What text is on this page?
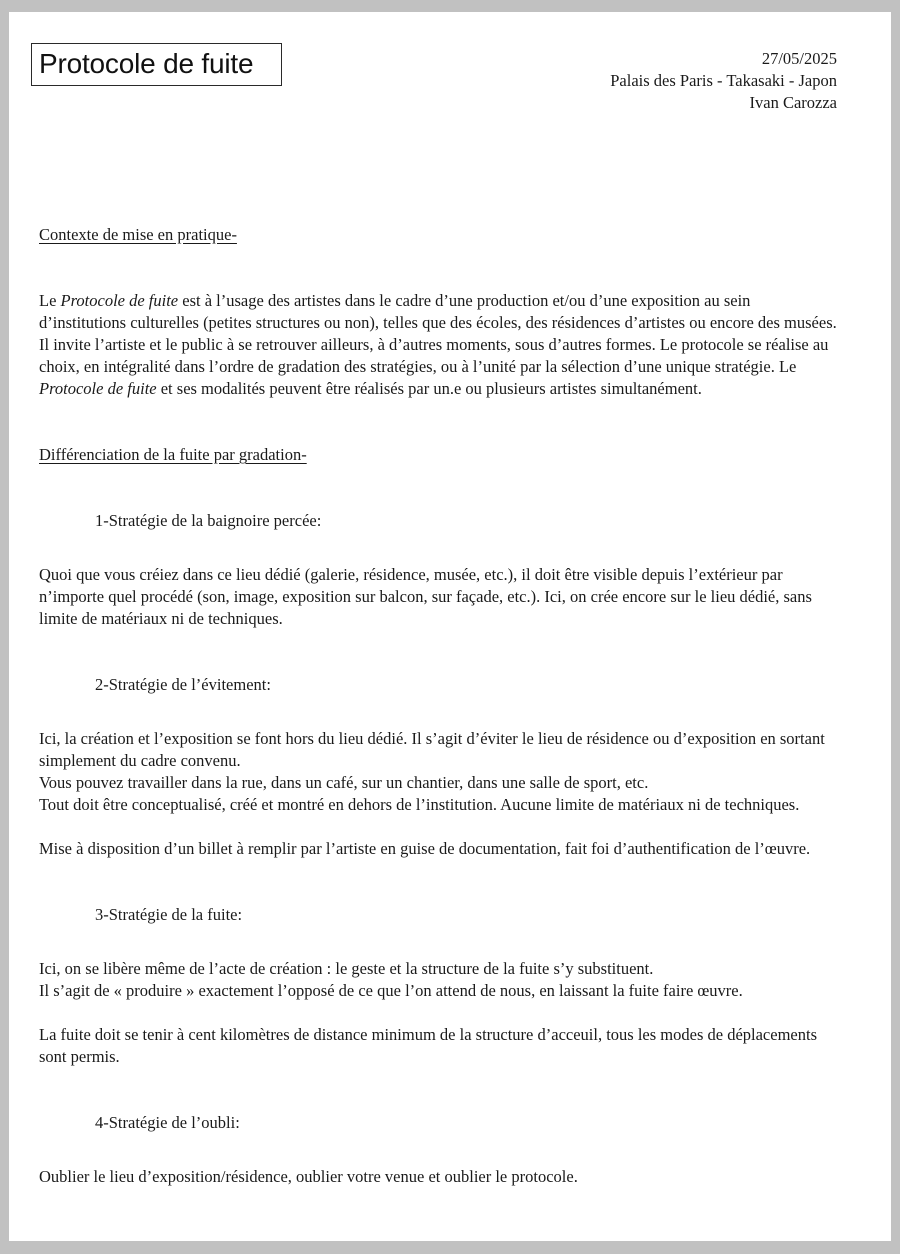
Protocole de fuite	27/05/2025
Palais des Paris - Takasaki - Japon
Ivan Carozza

Contexte de mise en pratique-

Le Protocole de fuite est à l’usage des artistes dans le cadre d’une production et/ou d’une exposition au sein d’institutions culturelles (petites structures ou non), telles que des écoles, des résidences d’artistes ou encore des musées. Il invite l’artiste et le public à se retrouver ailleurs, à d’autres moments, sous d’autres formes. Le protocole se réalise au choix, en intégralité dans l’ordre de gradation des stratégies, ou à l’unité par la sélection d’une unique stratégie. Le Protocole de fuite et ses modalités peuvent être réalisés par un.e ou plusieurs artistes simultanément.

Différenciation de la fuite par gradation-

1-Stratégie de la baignoire percée:

Quoi que vous créiez dans ce lieu dédié (galerie, résidence, musée, etc.), il doit être visible depuis l’extérieur par n’importe quel procédé (son, image, exposition sur balcon, sur façade, etc.). Ici, on crée encore sur le lieu dédié, sans limite de matériaux ni de techniques.

2-Stratégie de l’évitement:

Ici, la création et l’exposition se font hors du lieu dédié. Il s’agit d’éviter le lieu de résidence ou d’exposition en sortant simplement du cadre convenu.

Vous pouvez travailler dans la rue, dans un café, sur un chantier, dans une salle de sport, etc.

Tout doit être conceptualisé, créé et montré en dehors de l’institution. Aucune limite de matériaux ni de techniques.

Mise à disposition d’un billet à remplir par l’artiste en guise de documentation, fait foi d’authentification de l’œuvre.

3-Stratégie de la fuite:

Ici, on se libère même de l’acte de création : le geste et la structure de la fuite s’y substituent.

Il s’agit de « produire » exactement l’opposé de ce que l’on attend de nous, en laissant la fuite faire œuvre.

La fuite doit se tenir à cent kilomètres de distance minimum de la structure d’acceuil, tous les modes de déplacements sont permis.

4-Stratégie de l’oubli:

Oublier le lieu d’exposition/résidence, oublier votre venue et oublier le protocole.
